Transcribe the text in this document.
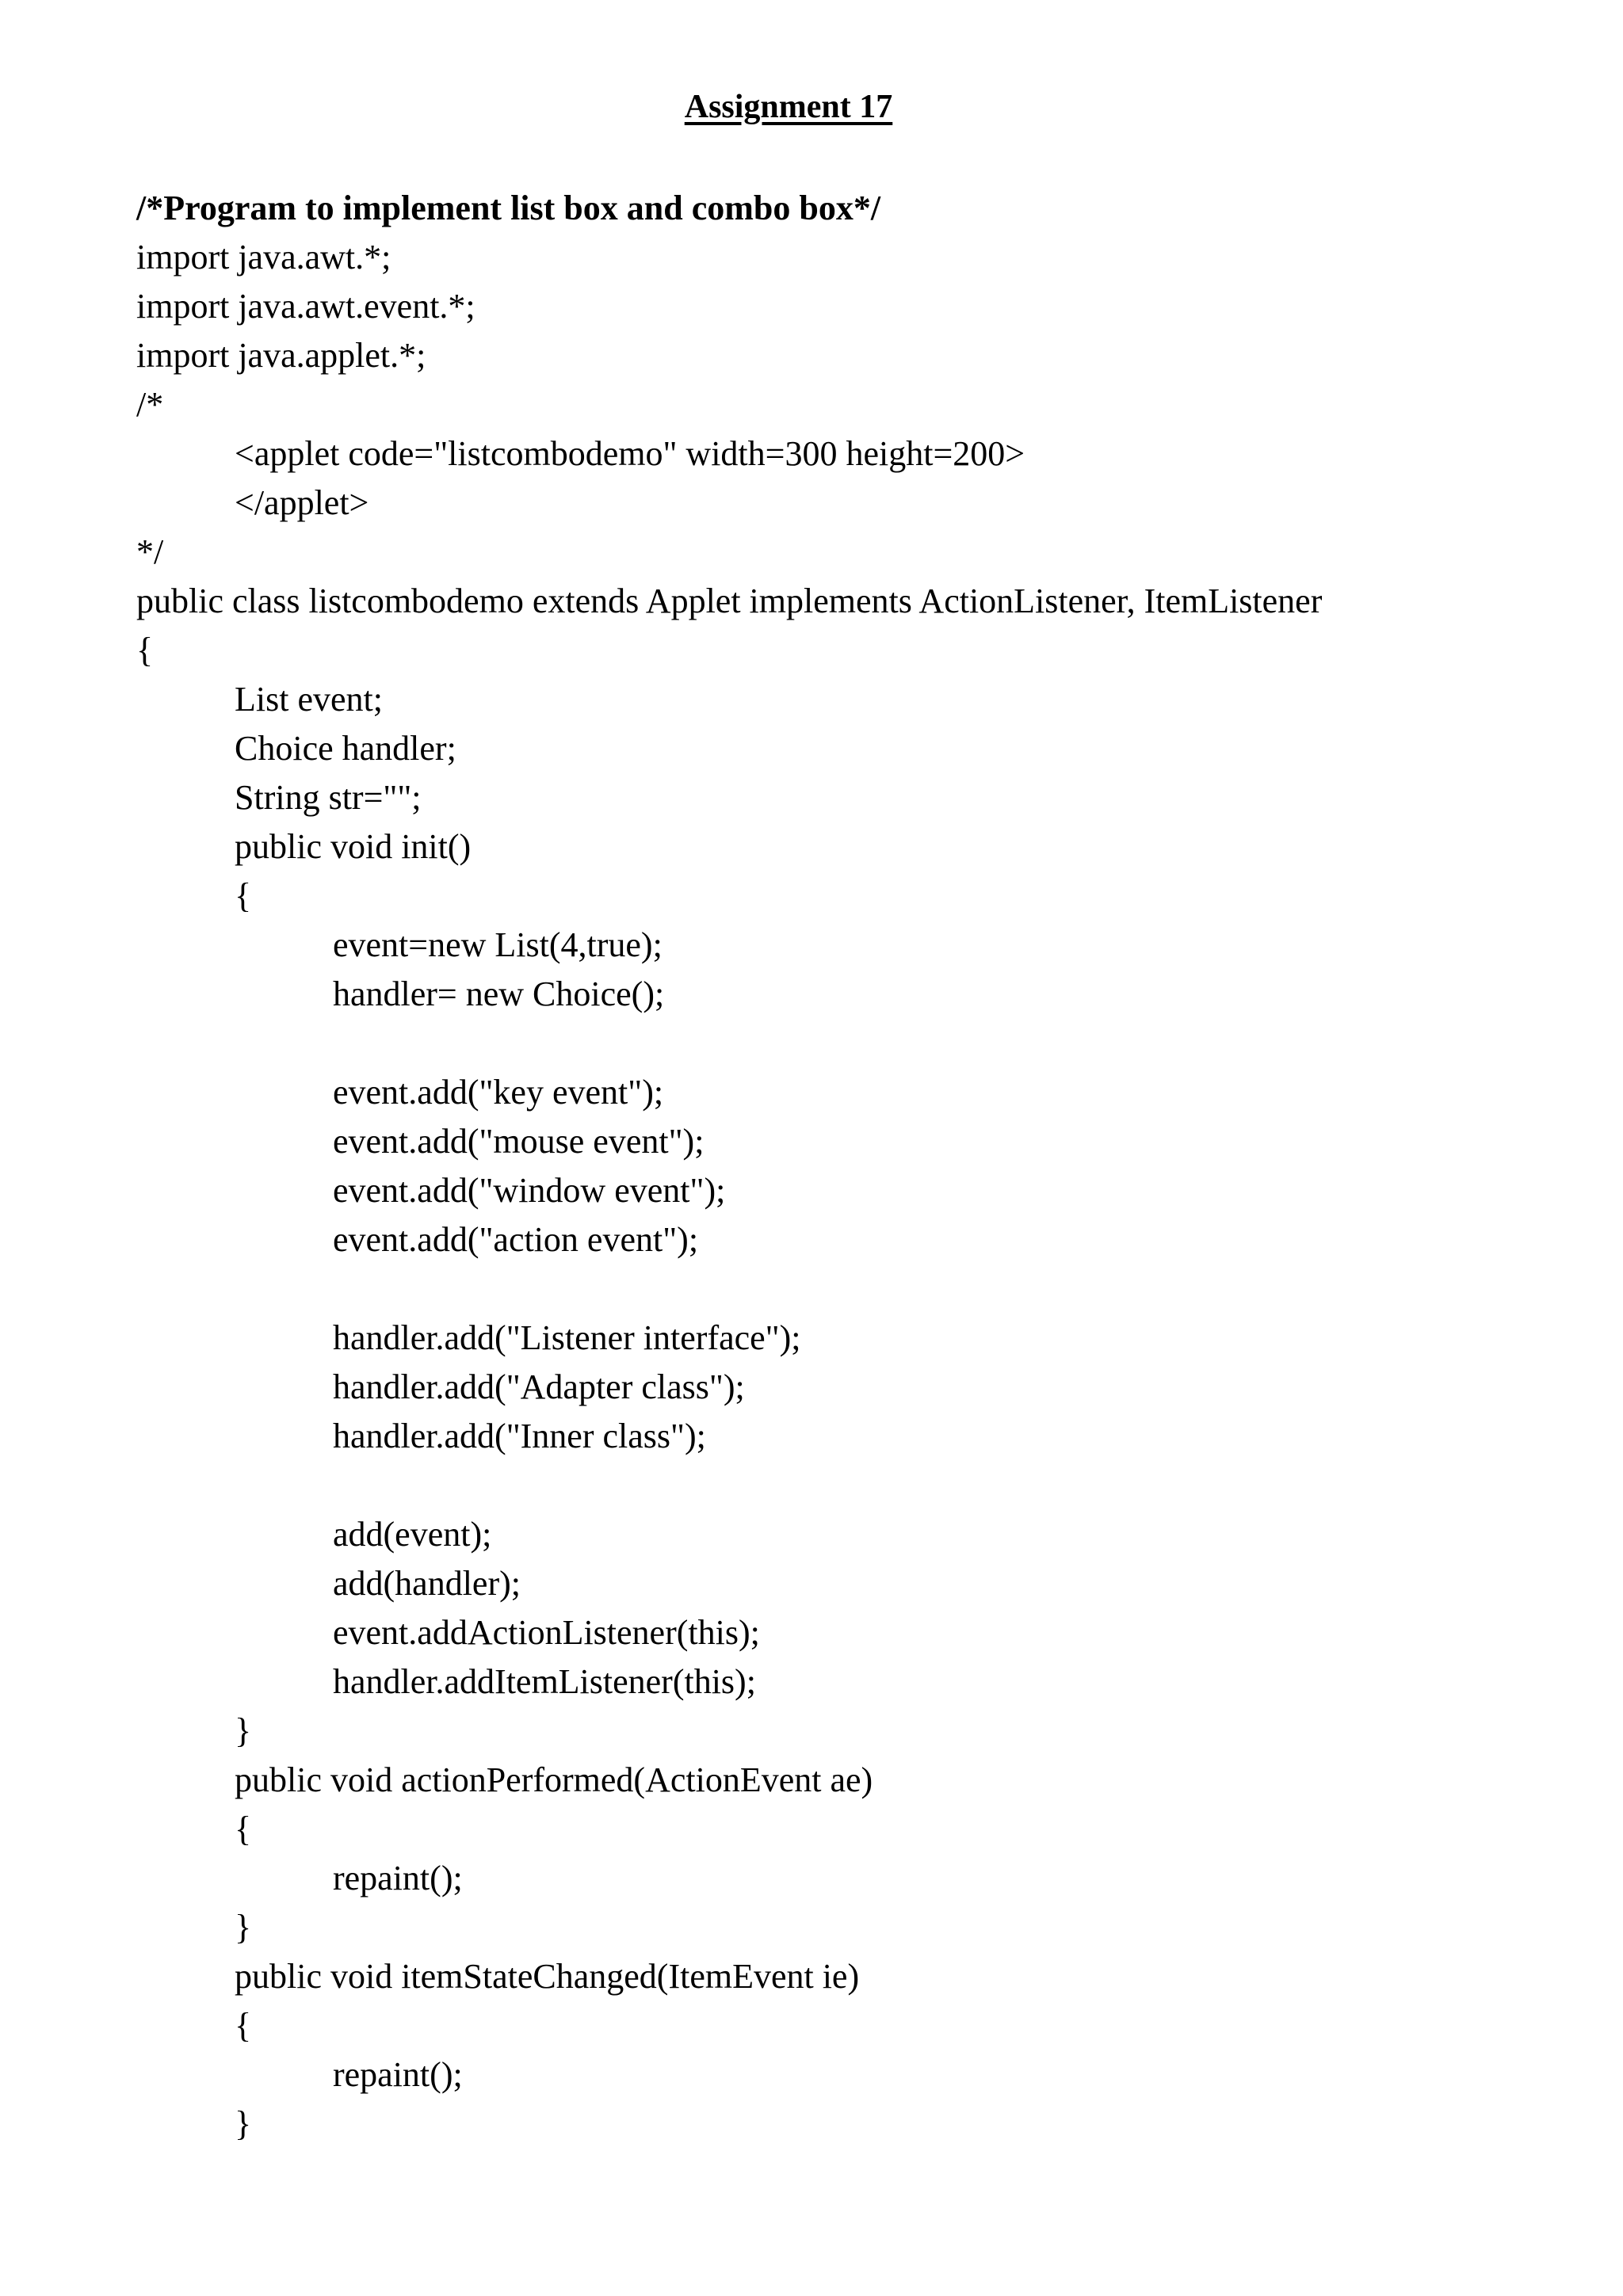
Assignment 17
/*Program to implement list box and combo box*/
import java.awt.*;
import java.awt.event.*;
import java.applet.*;
/*
<applet code="listcombodemo" width=300 height=200>
</applet>
*/
public class listcombodemo extends Applet implements ActionListener, ItemListener
{
List event;
Choice handler;
String str="";
public void init()
{
event=new List(4,true);
handler= new Choice();
event.add("key event");
event.add("mouse event");
event.add("window event");
event.add("action event");
handler.add("Listener interface");
handler.add("Adapter class");
handler.add("Inner class");
add(event);
add(handler);
event.addActionListener(this);
handler.addItemListener(this);
}
public void actionPerformed(ActionEvent ae)
{
repaint();
}
public void itemStateChanged(ItemEvent ie)
{
repaint();
}
